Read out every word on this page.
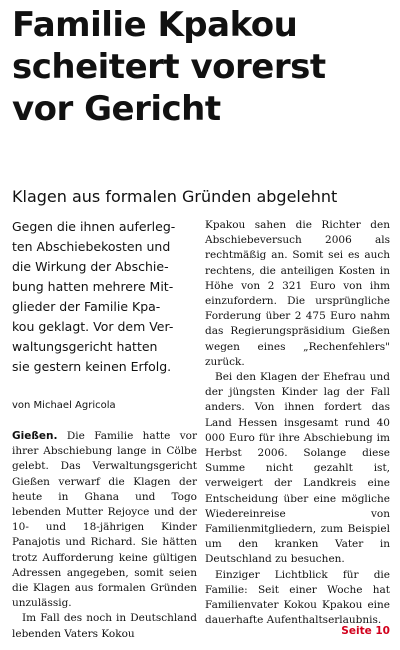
Familie Kpakou
scheitert vorerst
vor Gericht
Klagen aus formalen Gründen abgelehnt
Gegen die ihnen auferleg-
ten Abschiebekosten und
die Wirkung der Abschie-
bung hatten mehrere Mit-
glieder der Familie Kpa-
kou geklagt. Vor dem Ver-
waltungsgericht hatten
sie gestern keinen Erfolg.
von Michael Agricola

Gießen. Die Familie hatte vor ihrer Abschiebung lange in Cölbe gelebt. Das Verwaltungsgericht Gießen verwarf die Klagen der heute in Ghana und Togo lebenden Mutter Rejoyce und der 10- und 18-jährigen Kinder Panajotis und Richard. Sie hätten trotz Aufforderung keine gültigen Adressen angegeben, somit seien die Klagen aus formalen Gründen unzulässig.

Im Fall des noch in Deutschland lebenden Vaters Kokou

Kpakou sahen die Richter den Abschiebeversuch 2006 als rechtmäßig an. Somit sei es auch rechtens, die anteiligen Kosten in Höhe von 2 321 Euro von ihm einzufordern. Die ursprüngliche Forderung über 2 475 Euro nahm das Regierungspräsidium Gießen wegen eines „Rechenfehlers" zurück.

Bei den Klagen der Ehefrau und der jüngsten Kinder lag der Fall anders. Von ihnen fordert das Land Hessen insgesamt rund 40 000 Euro für ihre Abschiebung im Herbst 2006. Solange diese Summe nicht gezahlt ist, verweigert der Landkreis eine Entscheidung über eine mögliche Wiedereinreise von Familienmitgliedern, zum Beispiel um den kranken Vater in Deutschland zu besuchen.

Einziger Lichtblick für die Familie: Seit einer Woche hat Familienvater Kokou Kpakou eine dauerhafte Aufenthaltserlaubnis.

Seite 10
